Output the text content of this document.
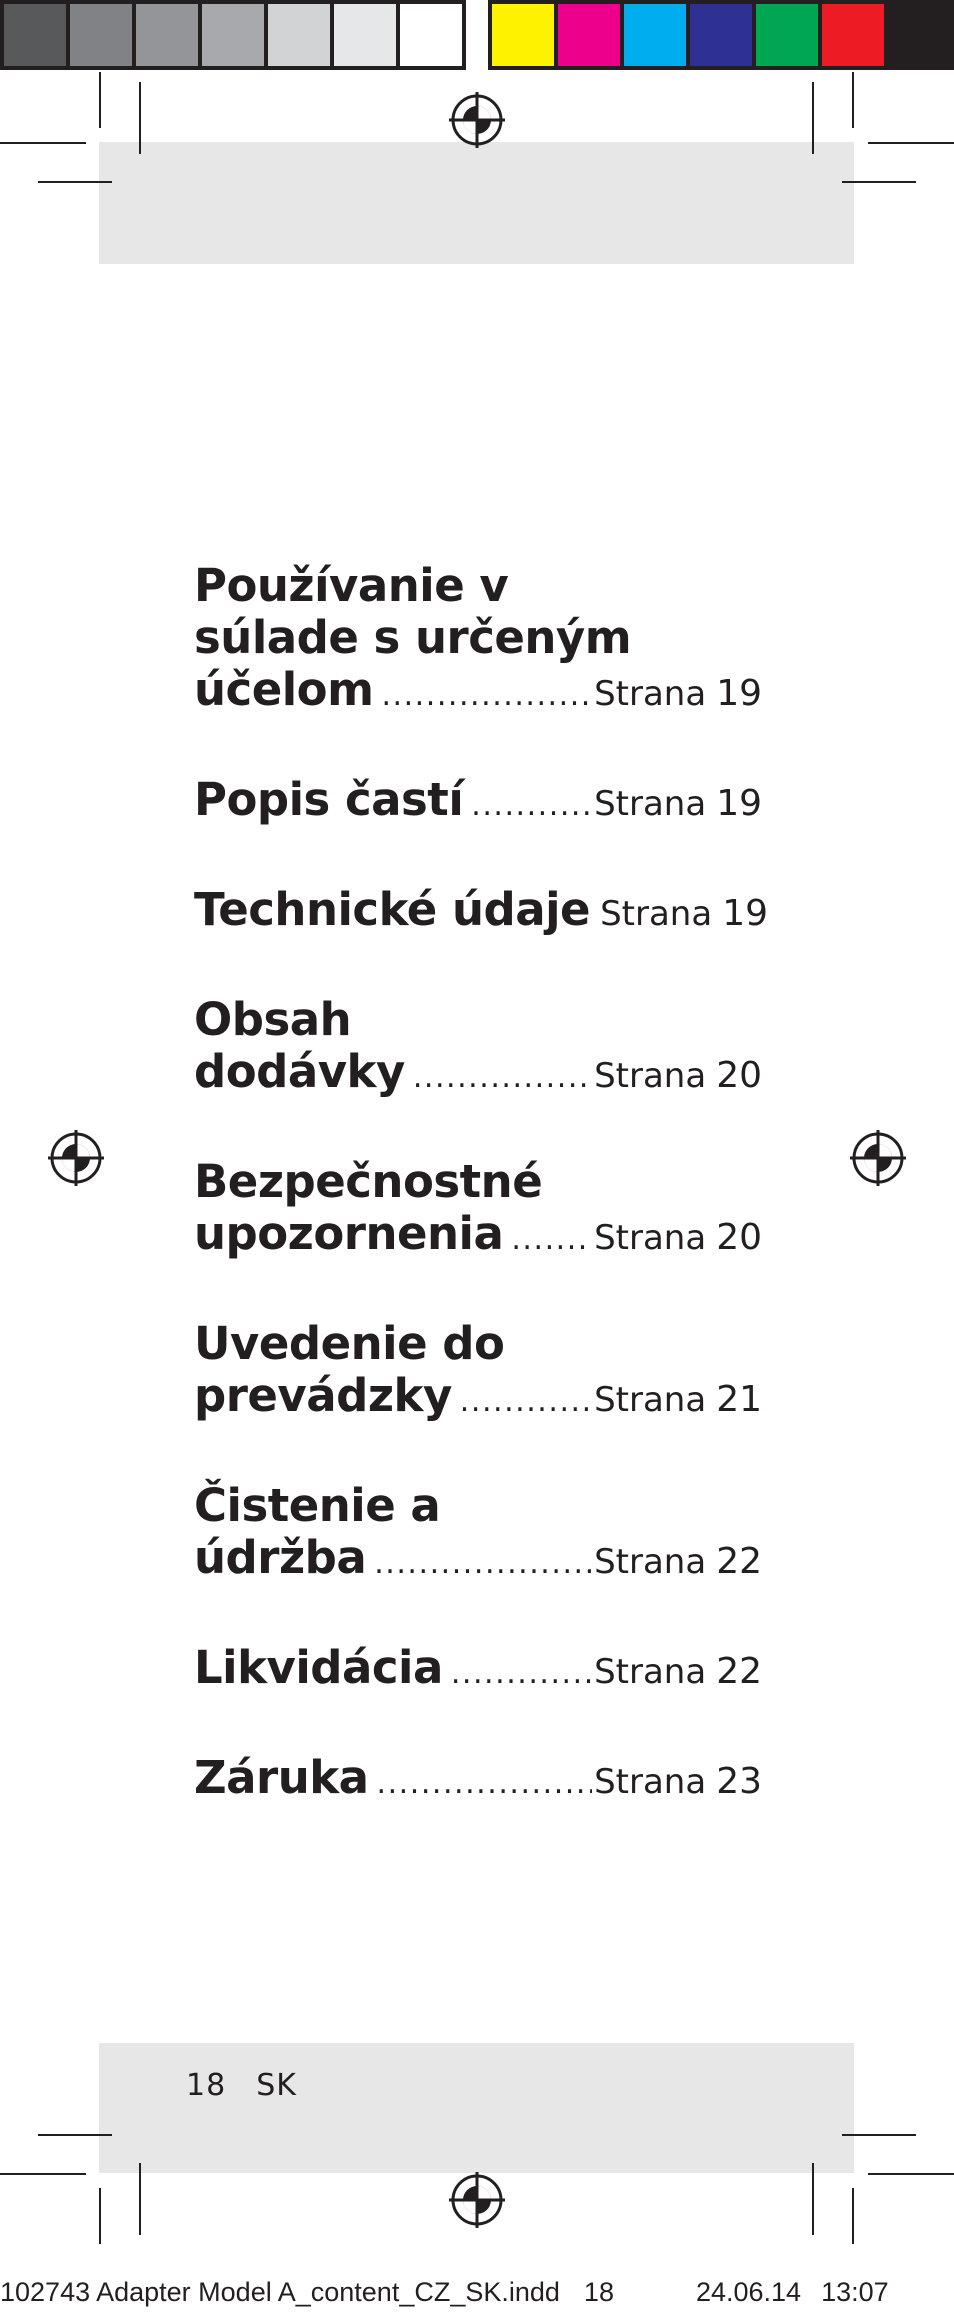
Používanie v
súlade s určeným
účelom . . .	Strana 19
Popis častí . . .	Strana 19
Technické údaje Strana 19
Obsah
dodávky . . .	Strana 20
Bezpečnostné
upozornenia . . .	Strana 20
Uvedenie do
prevádzky . . .	Strana 21
Čistenie a
údržba . . .	Strana 22
Likvidácia . . .	Strana 22
Záruka . . .	Strana 23
18 SK
102743 Adapter Model A_content_CZ_SK.indd 18	24.06.14 13:07
